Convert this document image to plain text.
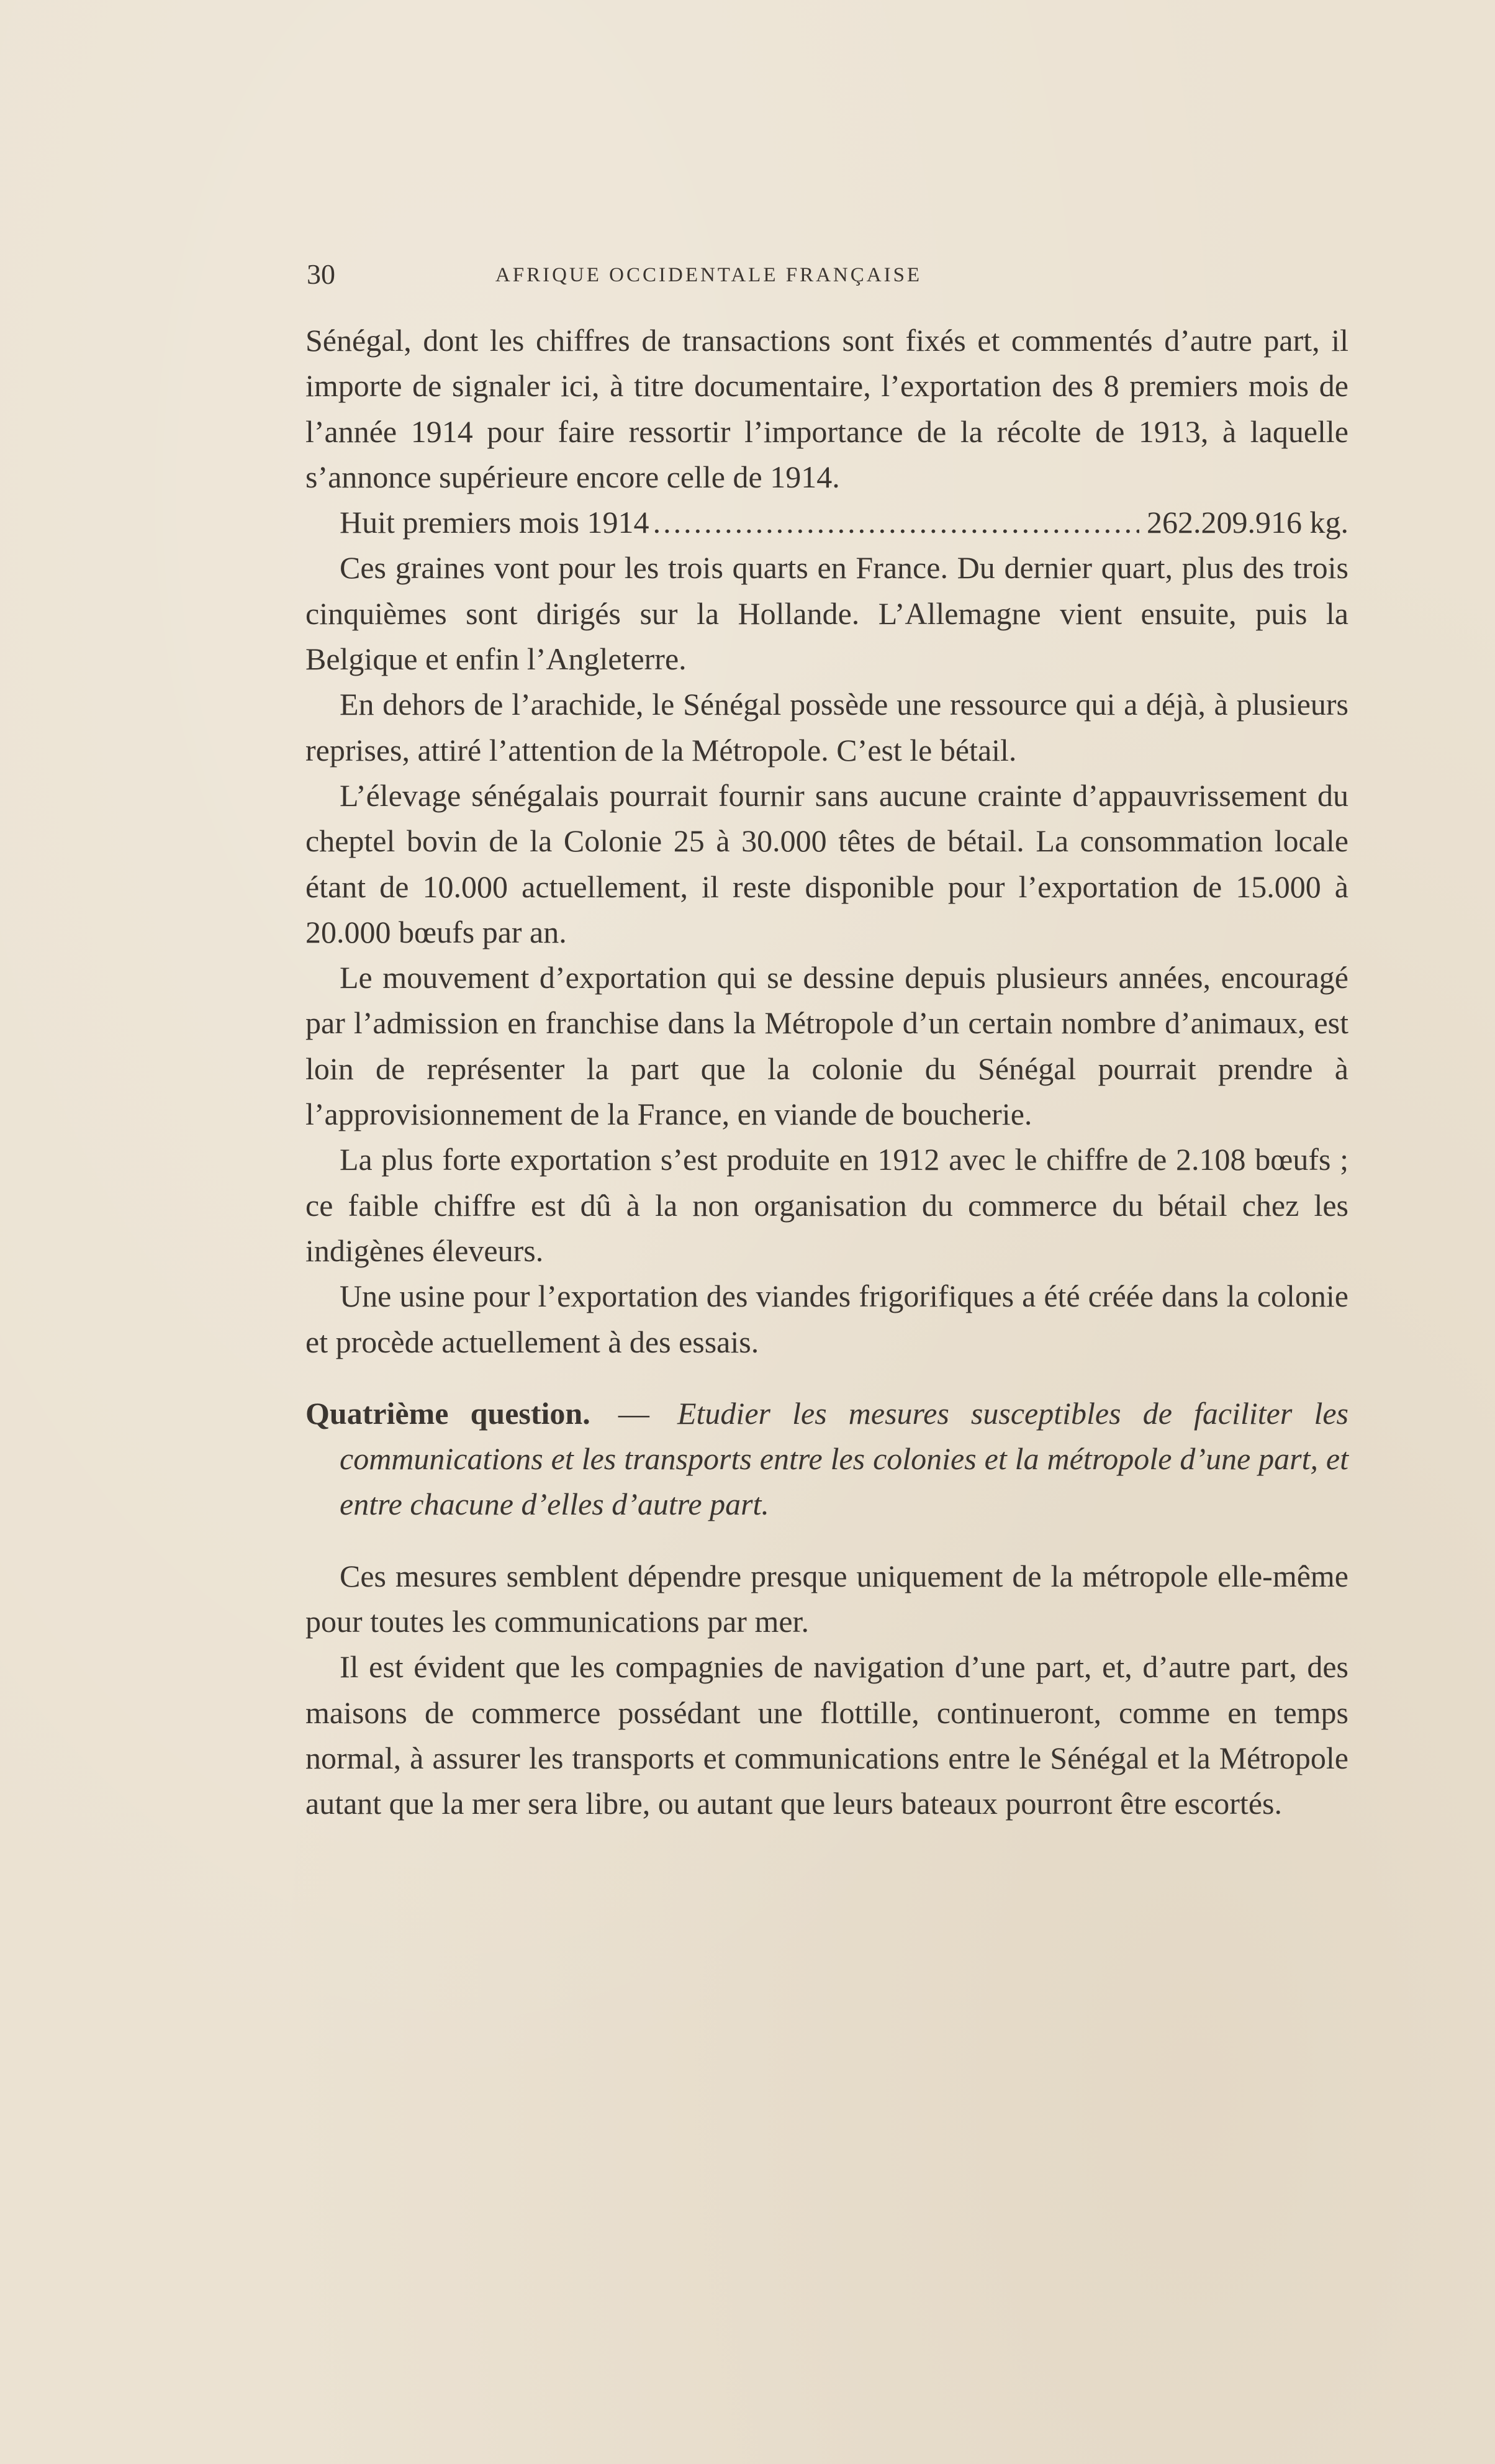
30	AFRIQUE OCCIDENTALE FRANÇAISE

Sénégal, dont les chiffres de transactions sont fixés et commentés d’autre part, il importe de signaler ici, à titre documentaire, l’exportation des 8 premiers mois de l’année 1914 pour faire ressortir l’importance de la récolte de 1913, à laquelle s’annonce supérieure encore celle de 1914.

Huit premiers mois 1914 .....	262.209.916 kg.

Ces graines vont pour les trois quarts en France. Du dernier quart, plus des trois cinquièmes sont dirigés sur la Hollande. L’Allemagne vient ensuite, puis la Belgique et enfin l’Angleterre.

En dehors de l’arachide, le Sénégal possède une ressource qui a déjà, à plusieurs reprises, attiré l’attention de la Métropole. C’est le bétail.

L’élevage sénégalais pourrait fournir sans aucune crainte d’appauvrissement du cheptel bovin de la Colonie 25 à 30.000 têtes de bétail. La consommation locale étant de 10.000 actuellement, il reste disponible pour l’exportation de 15.000 à 20.000 bœufs par an.

Le mouvement d’exportation qui se dessine depuis plusieurs années, encouragé par l’admission en franchise dans la Métropole d’un certain nombre d’animaux, est loin de représenter la part que la colonie du Sénégal pourrait prendre à l’approvisionnement de la France, en viande de boucherie.

La plus forte exportation s’est produite en 1912 avec le chiffre de 2.108 bœufs ; ce faible chiffre est dû à la non organisation du commerce du bétail chez les indigènes éleveurs.

Une usine pour l’exportation des viandes frigorifiques a été créée dans la colonie et procède actuellement à des essais.

Quatrième question. — Etudier les mesures susceptibles de faciliter les communications et les transports entre les colonies et la métropole d’une part, et entre chacune d’elles d’autre part.

Ces mesures semblent dépendre presque uniquement de la métropole elle-même pour toutes les communications par mer.

Il est évident que les compagnies de navigation d’une part, et, d’autre part, des maisons de commerce possédant une flottille, continueront, comme en temps normal, à assurer les transports et communications entre le Sénégal et la Métropole autant que la mer sera libre, ou autant que leurs bateaux pourront être escortés.
